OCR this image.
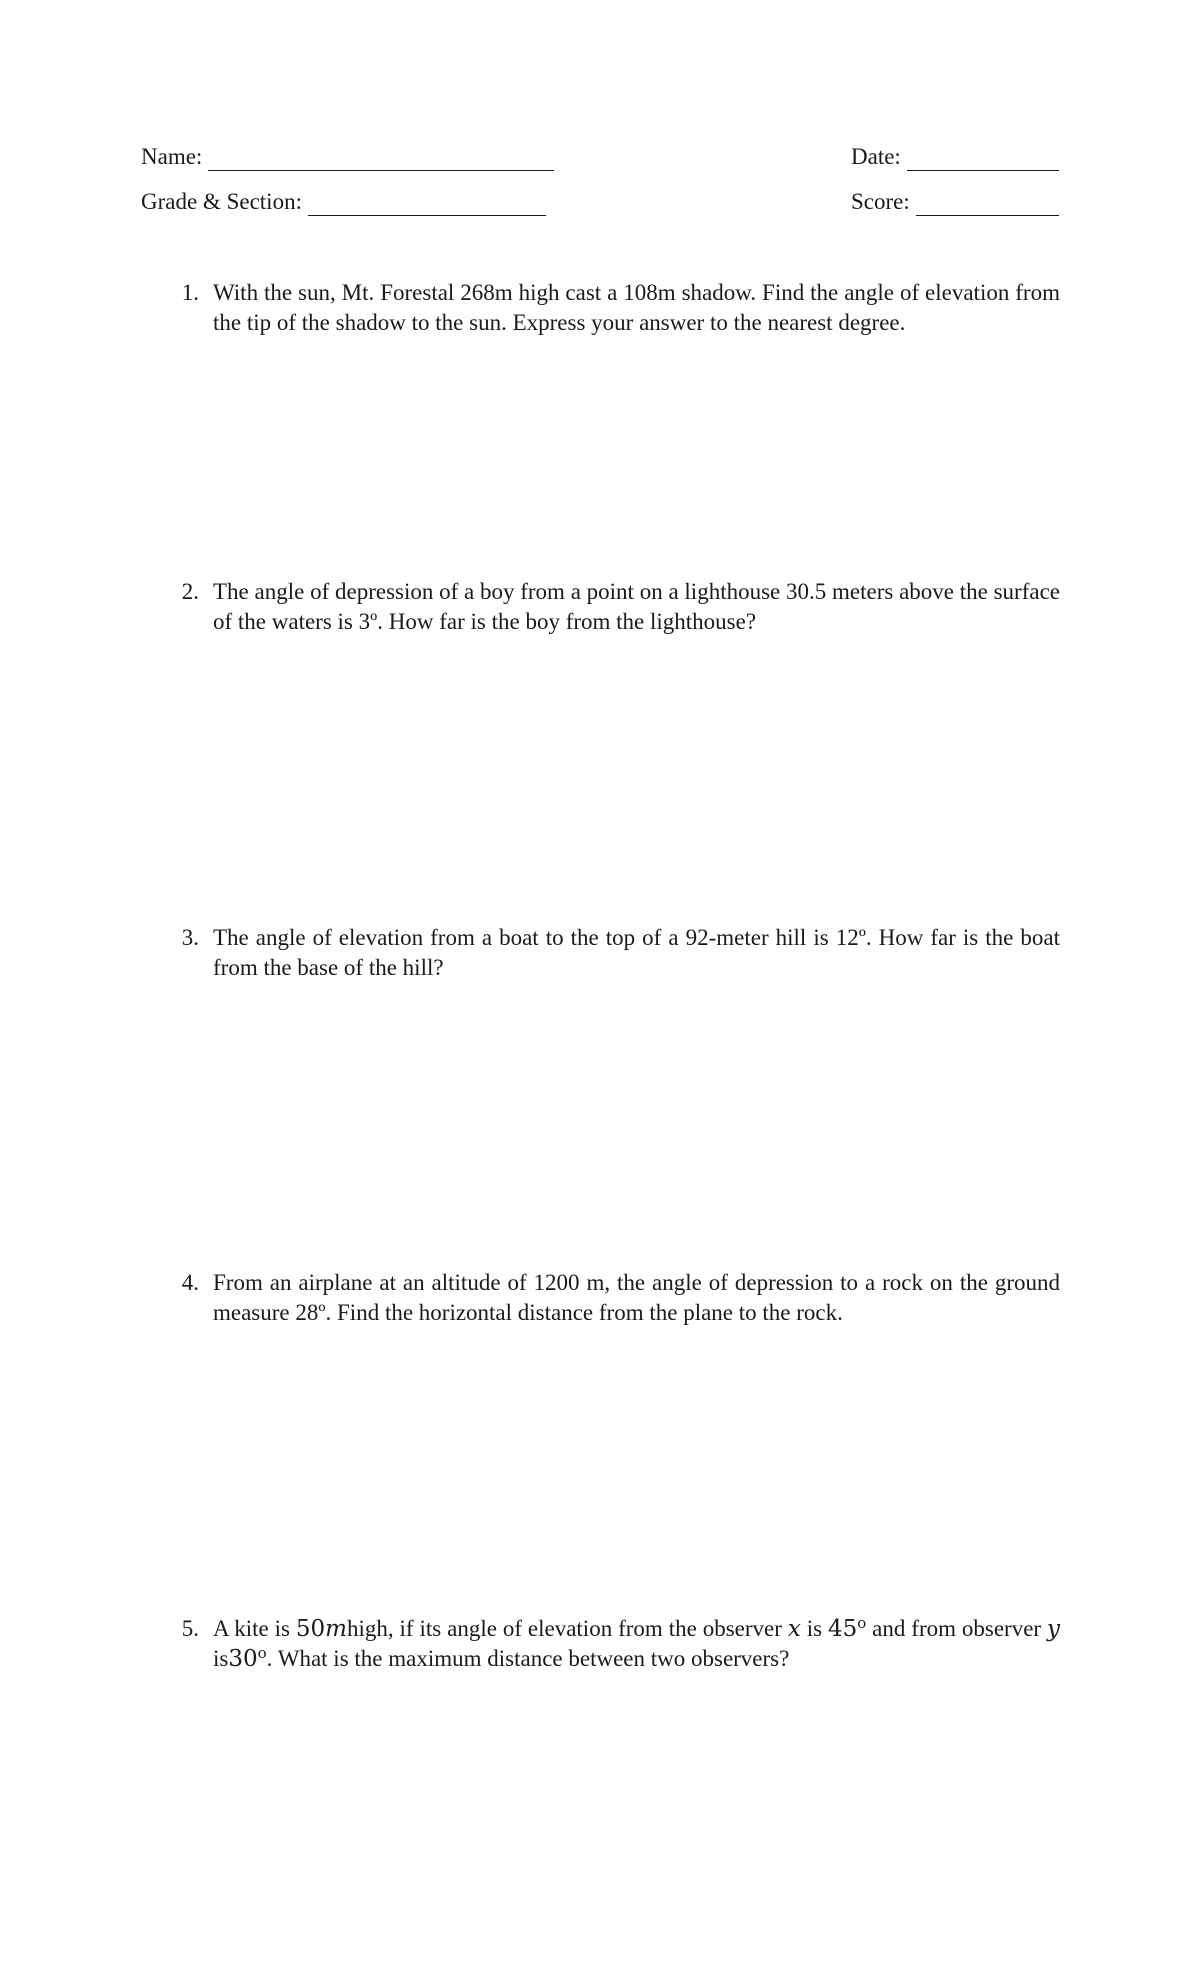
Name:	Date:
Grade & Section:	Score:
1. With the sun, Mt. Forestal 268m high cast a 108m shadow. Find the angle of elevation from the tip of the shadow to the sun. Express your answer to the nearest degree.
2. The angle of depression of a boy from a point on a lighthouse 30.5 meters above the surface of the waters is 3º. How far is the boy from the lighthouse?
3. The angle of elevation from a boat to the top of a 92-meter hill is 12º. How far is the boat from the base of the hill?
4. From an airplane at an altitude of 1200 m, the angle of depression to a rock on the ground measure 28º. Find the horizontal distance from the plane to the rock.
5. A kite is 50mhigh, if its angle of elevation from the observer x is 45$^o$ and from observer y is30$^o$. What is the maximum distance between two observers?
